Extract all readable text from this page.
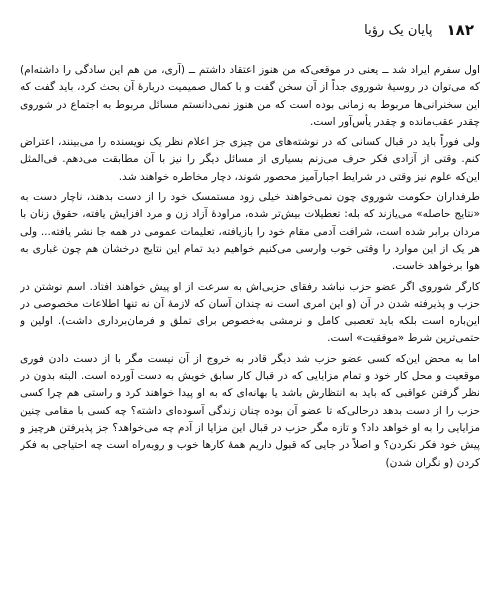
۱۸۲
پایان یک رؤیا

اول سفرم ایراد شد ــ یعنی در موقعی‌که من هنوز اعتقاد داشتم ــ (آری، من هم این سادگی را داشته‌ام) که می‌توان در روسیهٔ شوروی جداً از آن سخن گفت و با کمال صمیمیت دربارهٔ آن بحث کرد، باید گفت که این سخنرانی‌ها مربوط به زمانی بوده است که من هنوز نمی‌دانستم مسائل مربوط به اجتماع در شوروی چقدر عقب‌مانده و چقدر یأس‌آور است.

ولی فوراً باید در قبال کسانی که در نوشته‌های من چیزی جز اعلام نظر یک نویسنده را می‌بینند، اعتراض کنم. وقتی از آزادی فکر حرف می‌زنم بسیاری از مسائل دیگر را نیز با آن مطابقت می‌دهم. فی‌المثل این‌که علوم نیز وقتی در شرایط اجبارآمیز محصور شوند، دچار مخاطره خواهند شد.

طرفداران حکومت شوروی چون نمی‌خواهند خیلی زود مستمسک خود را از دست بدهند، ناچار دست به «نتایج حاصله» می‌یازند که بله: تعطیلات بیش‌تر شده، مراودهٔ آزاد زن و مرد افزایش یافته، حقوق زنان با مردان برابر شده است، شرافت آدمی مقام خود را بازیافته، تعلیمات عمومی در همه جا نشر یافته... ولی هر یک از این موارد را وقتی خوب وارسی می‌کنیم خواهیم دید تمام این نتایج درخشان هم چون غباری به هوا برخواهد خاست.

کارگر شوروی اگر عضو حزب نباشد رفقای حزبی‌اش به سرعت از او پیش خواهند افتاد. اسم نوشتن در حزب و پذیرفته شدن در آن (و این امری است نه چندان آسان که لازمهٔ آن نه تنها اطلاعات مخصوصی در این‌باره است بلکه باید تعصبی کامل و نرمشی به‌خصوص برای تملق و فرمان‌برداری داشت). اولین و حتمی‌ترین شرط «موفقیت» است.

اما به محض این‌که کسی عضو حزب شد دیگر قادر به خروج از آن نیست مگر با از دست دادن فوری موقعیت و محل کار خود و تمام مزایایی که در قبال کار سابق خویش به دست آورده است. البته بدون در نظر گرفتن عواقبی که باید به انتظارش باشد یا بهانه‌ای که به او پیدا خواهند کرد و راستی هم چرا کسی حزب را از دست بدهد درحالی‌که تا عضو آن بوده چنان زندگی آسوده‌ای داشته؟ چه کسی با مقامی چنین مزایایی را به او خواهد داد؟ و تازه مگر حزب در قبال این مزایا از آدم چه می‌خواهد؟ جز پذیرفتن هرچیز و پیش خود فکر نکردن؟ و اصلاً در جایی که قبول داریم همهٔ کارها خوب و روبه‌راه است چه احتیاجی به فکر کردن (و نگران شدن)
